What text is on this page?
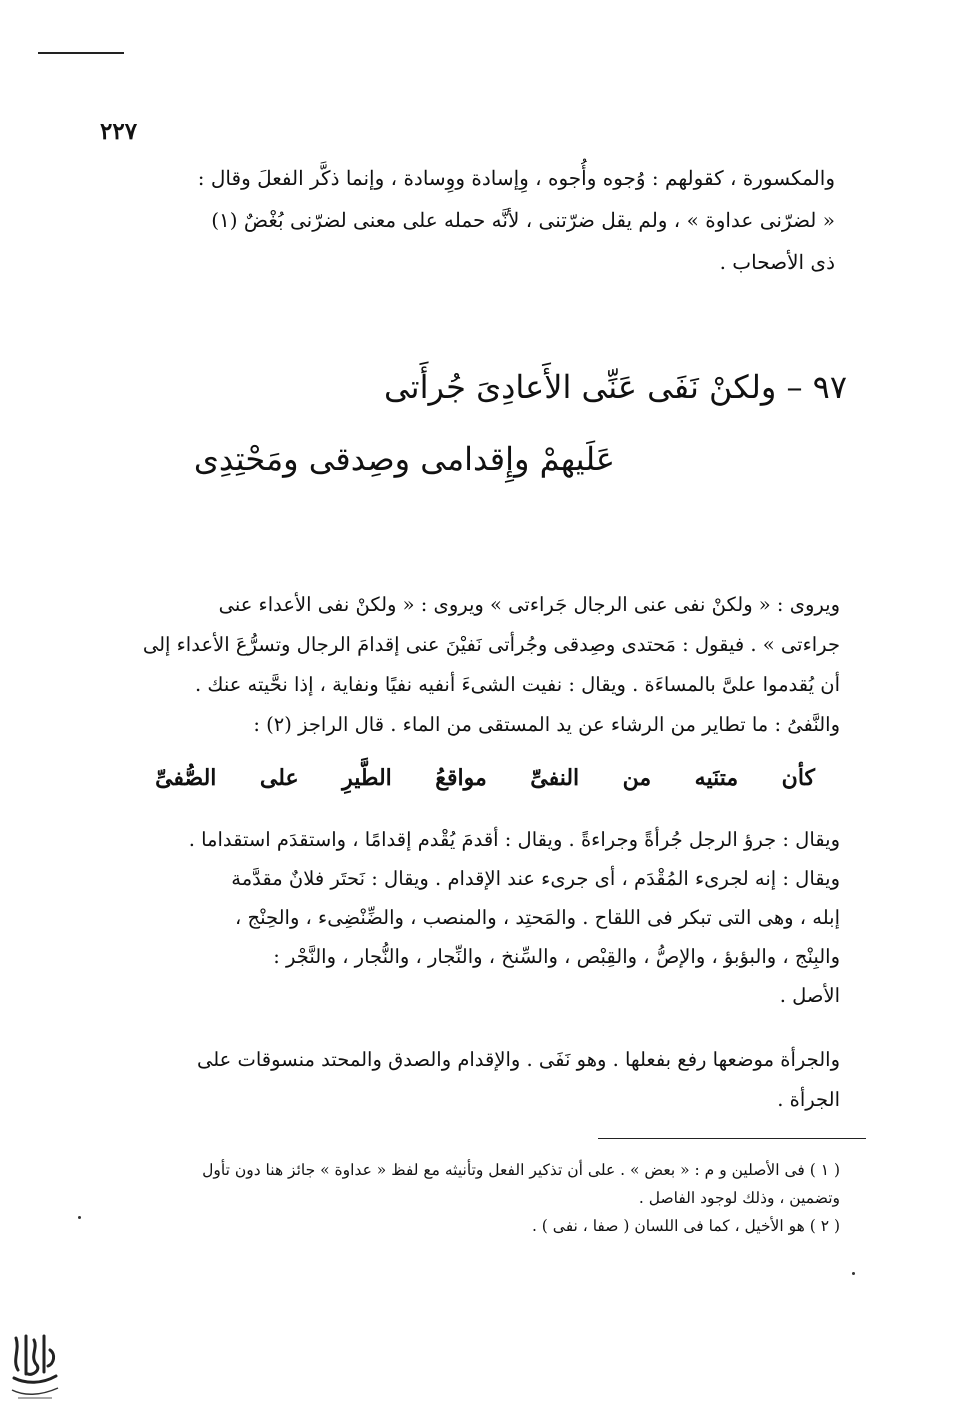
٢٢٧
والمكسورة ، كقولهم : وُجوه وأُجوه ، وِإسادة ووِسادة ، وإنما ذكَّر الفعلَ وقال :
« لضرّنى عداوة » ، ولم يقل ضرّتنى ، لأنَّه حمله على معنى لضرّنى بُغْضٌ (١)
ذى الأصحاب .
٩٧ – ولكنْ نَفَى عَنِّى الأَعادِىَ جُرأَتى
عَلَيهمْ وإِقدامى وصِدقى ومَحْتِدِى
ويروى : « ولكنْ نفى عنى الرجال جَراءتى » ويروى : « ولكنْ نفى الأعداء عنى
جراءتى » . فيقول : مَحتدى وصِدقى وجُرأتى نَفيْنَ عنى إقدامَ الرجال وتسرُّعَ الأعداء إلى
أن يُقدموا علىَّ بالمساءَة . ويقال : نفيت الشىءَ أنفيه نفيًا ونفاية ، إذا نحَّيته عنك .
والنَّفىُ : ما تطاير من الرشاء عن يد المستقى من الماء . قال الراجز (٢) :
كأن
متنَيه
من
النفىِّ
مواقعُ
الطَّيرِ
على
الصُّفىِّ
ويقال : جرؤ الرجل جُرأةً وجراءةً . ويقال : أقدمَ يُقْدم إقدامًا ، واستقدَم استقداما .
ويقال : إنه لجرىء المُقْدَم ، أى جرىء عند الإقدام . ويقال : نَحتَر فلانٌ مقدَّمة
إبله ، وهى التى تبكر فى اللقاح . والمَحتِد ، والمنصب ، والضِّنْضِىء ، والحِنْج ،
والبِنْج ، والبؤبؤ ، والإصُّ ، والقِبْص ، والسِّنخ ، والنِّجار ، والنُّجار ، والنَّجْر :
الأصل .
والجرأة موضعها رفع بفعلها . وهو نَفَى . والإقدام والصدق والمحتد منسوقات على
الجرأة .
( ١ ) فى الأصلين و م : « بعض » . على أن تذكير الفعل وتأنيثه مع لفظ « عداوة » جائز هنا دون تأول
وتضمين ، وذلك لوجود الفاصل .
( ٢ ) هو الأخيل ، كما فى اللسان ( صفا ، نفى ) .
